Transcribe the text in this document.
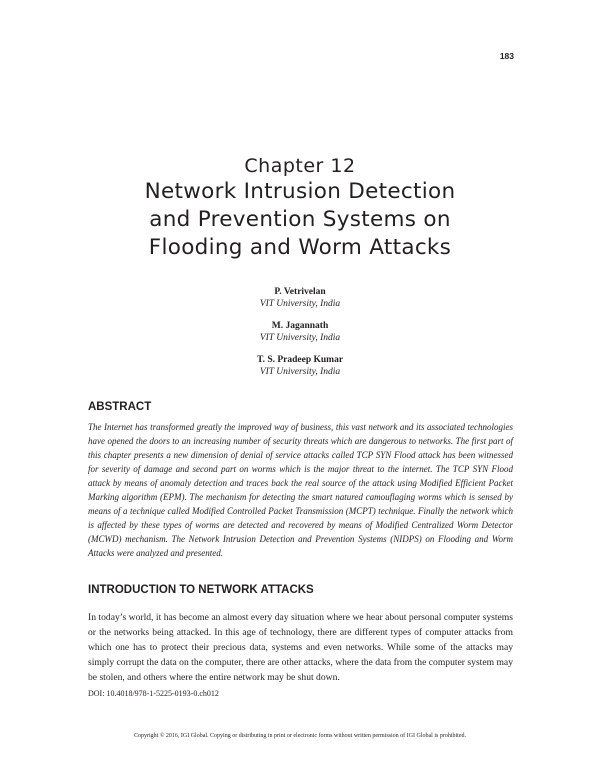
183
Chapter 12
Network Intrusion Detection
and Prevention Systems on
Flooding and Worm Attacks
P. Vetrivelan
VIT University, India
M. Jagannath
VIT University, India
T. S. Pradeep Kumar
VIT University, India
ABSTRACT
The Internet has transformed greatly the improved way of business, this vast network and its associated technologies have opened the doors to an increasing number of security threats which are dangerous to networks. The first part of this chapter presents a new dimension of denial of service attacks called TCP SYN Flood attack has been witnessed for severity of damage and second part on worms which is the major threat to the internet. The TCP SYN Flood attack by means of anomaly detection and traces back the real source of the attack using Modified Efficient Packet Marking algorithm (EPM). The mechanism for detecting the smart natured camouflaging worms which is sensed by means of a technique called Modified Controlled Packet Transmission (MCPT) technique. Finally the network which is affected by these types of worms are detected and recovered by means of Modified Centralized Worm Detector (MCWD) mechanism. The Network Intrusion Detection and Prevention Systems (NIDPS) on Flooding and Worm Attacks were analyzed and presented.
INTRODUCTION TO NETWORK ATTACKS
In today’s world, it has become an almost every day situation where we hear about personal computer systems or the networks being attacked. In this age of technology, there are different types of computer attacks from which one has to protect their precious data, systems and even networks. While some of the attacks may simply corrupt the data on the computer, there are other attacks, where the data from the computer system may be stolen, and others where the entire network may be shut down.
DOI: 10.4018/978-1-5225-0193-0.ch012
Copyright © 2016, IGI Global. Copying or distributing in print or electronic forms without written permission of IGI Global is prohibited.
